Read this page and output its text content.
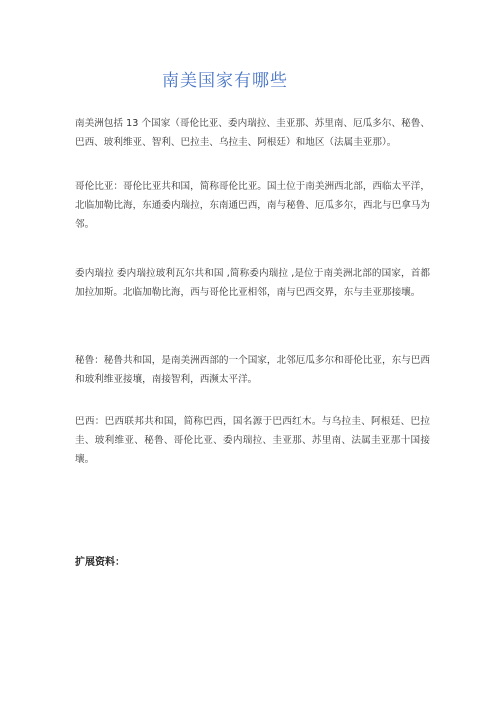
南美国家有哪些

南美洲包括 13 个国家（哥伦比亚、委内瑞拉、圭亚那、苏里南、厄瓜多尔、秘鲁、巴西、玻利维亚、智利、巴拉圭、乌拉圭、阿根廷）和地区（法属圭亚那）。

哥伦比亚：哥伦比亚共和国，简称哥伦比亚。国土位于南美洲西北部，西临太平洋，北临加勒比海，东通委内瑞拉，东南通巴西，南与秘鲁、厄瓜多尔，西北与巴拿马为邻。

委内瑞拉 委内瑞拉玻利瓦尔共和国 ,简称委内瑞拉 ,是位于南美洲北部的国家，首都加拉加斯。北临加勒比海，西与哥伦比亚相邻，南与巴西交界，东与圭亚那接壤。

秘鲁：秘鲁共和国，是南美洲西部的一个国家，北邻厄瓜多尔和哥伦比亚，东与巴西和玻利维亚接壤，南接智利，西濒太平洋。

巴西：巴西联邦共和国，简称巴西，国名源于巴西红木。与乌拉圭、阿根廷、巴拉圭、玻利维亚、秘鲁、哥伦比亚、委内瑞拉、圭亚那、苏里南、法属圭亚那十国接壤。

扩展资料：
